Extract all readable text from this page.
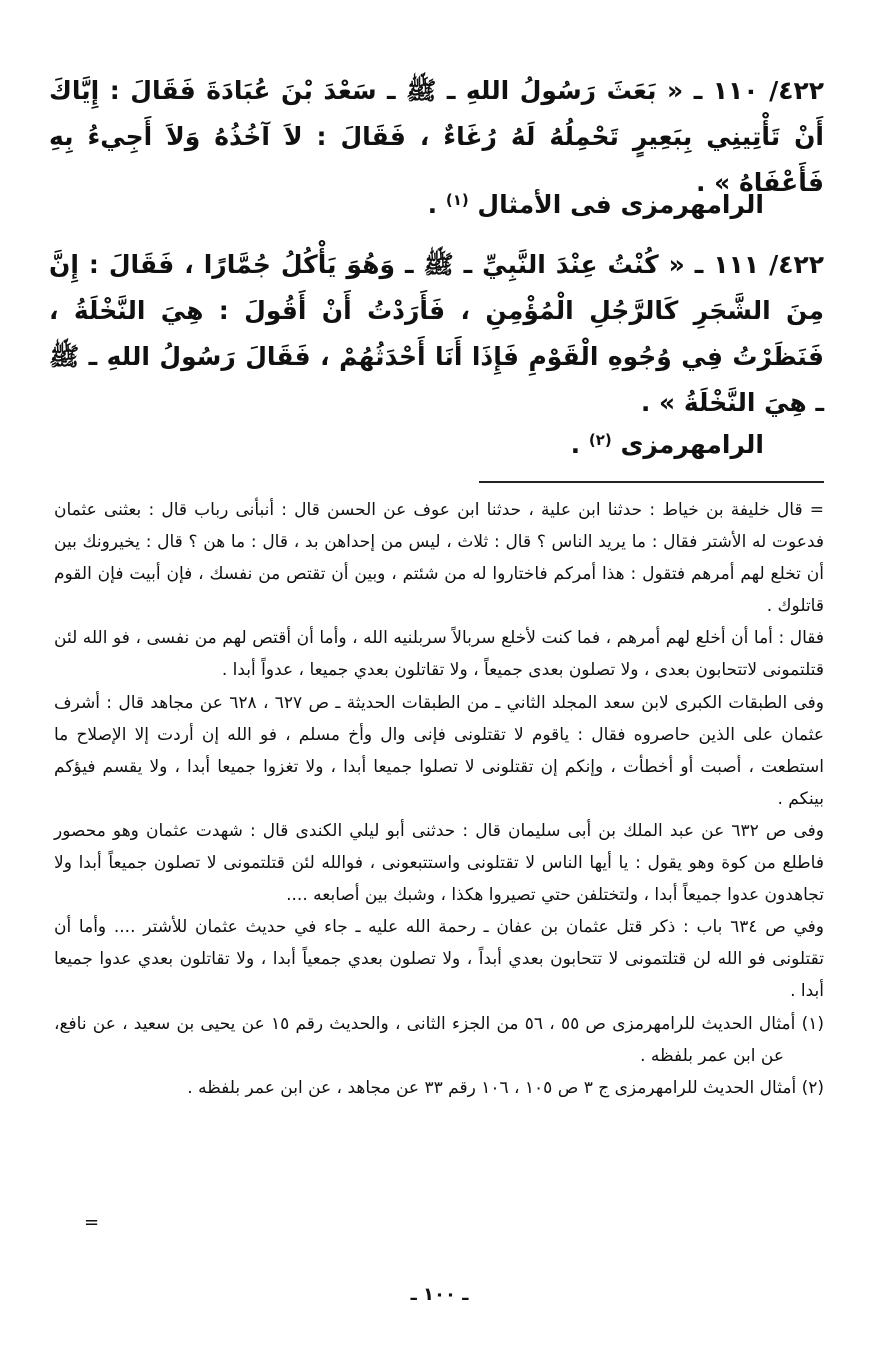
٤٢٢/ ١١٠ ـ « بَعَثَ رَسُولُ اللهِ ـ ﷺ ـ سَعْدَ بْنَ عُبَادَةَ فَقَالَ : إِيَّاكَ أَنْ تَأْتِينِي بِبَعِيرٍ تَحْمِلُهُ لَهُ رُغَاءٌ ، فَقَالَ : لاَ آخُذُهُ وَلاَ أَجِيءُ بِهِ فَأَعْفَاهُ » .

الرامهرمزى فى الأمثال $^{(١)}$ .

٤٢٢/ ١١١ ـ « كُنْتُ عِنْدَ النَّبِيِّ ـ ﷺ ـ وَهُوَ يَأْكُلُ جُمَّارًا ، فَقَالَ : إِنَّ مِنَ الشَّجَرِ كَالرَّجُلِ الْمُؤْمِنِ ، فَأَرَدْتُ أَنْ أَقُولَ : هِيَ النَّخْلَةُ ، فَنَظَرْتُ فِي وُجُوهِ الْقَوْمِ فَإِذَا أَنَا أَحْدَثُهُمْ ، فَقَالَ رَسُولُ اللهِ ـ ﷺ ـ هِيَ النَّخْلَةُ » .

الرامهرمزى $^{(٢)}$ .

= قال خليفة بن خياط : حدثنا ابن علية ، حدثنا ابن عوف عن الحسن قال : أنبأنى رباب قال : بعثنى عثمان فدعوت له الأشتر فقال : ما يريد الناس ؟ قال : ثلاث ، ليس من إحداهن بد ، قال : ما هن ؟ قال : يخيرونك بين أن تخلع لهم أمرهم فتقول : هذا أمركم فاختاروا له من شئتم ، وبين أن تقتص من نفسك ، فإن أبيت فإن القوم قاتلوك .

فقال : أما أن أخلع لهم أمرهم ، فما كنت لأخلع سربالاً سربلنيه الله ، وأما أن أقتص لهم من نفسى ، فو الله لئن قتلتمونى لاتتحابون بعدى ، ولا تصلون بعدى جميعاً ، ولا تقاتلون بعدي جميعا ، عدواً أبدا .

وفى الطبقات الكبرى لابن سعد المجلد الثاني ـ من الطبقات الحديثة ـ ص ٦٢٧ ، ٦٢٨ عن مجاهد قال : أشرف عثمان على الذين حاصروه فقال : ياقوم لا تقتلونى فإنى وال وأخ مسلم ، فو الله إن أردت إلا الإصلاح ما استطعت ، أصبت أو أخطأت ، وإنكم إن تقتلونى لا تصلوا جميعا أبدا ، ولا تغزوا جميعا أبدا ، ولا يقسم فيؤكم بينكم .

وفى ص ٦٣٢ عن عبد الملك بن أبى سليمان قال : حدثنى أبو ليلي الكندى قال : شهدت عثمان وهو محصور فاطلع من كوة وهو يقول : يا أيها الناس لا تقتلونى واستتبعونى ، فوالله لئن قتلتمونى لا تصلون جميعاً أبدا ولا تجاهدون عدوا جميعاً أبدا ، ولتختلفن حتي تصيروا هكذا ، وشبك بين أصابعه ....

وفي ص ٦٣٤ باب : ذكر قتل عثمان بن عفان ـ رحمة الله عليه ـ جاء في حديث عثمان للأشتر .... وأما أن تقتلونى فو الله لن قتلتمونى لا تتحابون بعدي أبداً ، ولا تصلون بعدي جمعياً أبدا ، ولا تقاتلون بعدي عدوا جميعا أبدا .

(١) أمثال الحديث للرامهرمزى ص ٥٥ ، ٥٦ من الجزء الثانى ، والحديث رقم ١٥ عن يحيى بن سعيد ، عن نافع، عن ابن عمر بلفظه .

(٢) أمثال الحديث للرامهرمزى ج ٣ ص ١٠٥ ، ١٠٦ رقم ٣٣ عن مجاهد ، عن ابن عمر بلفظه .

=
ـ ١٠٠ ـ
